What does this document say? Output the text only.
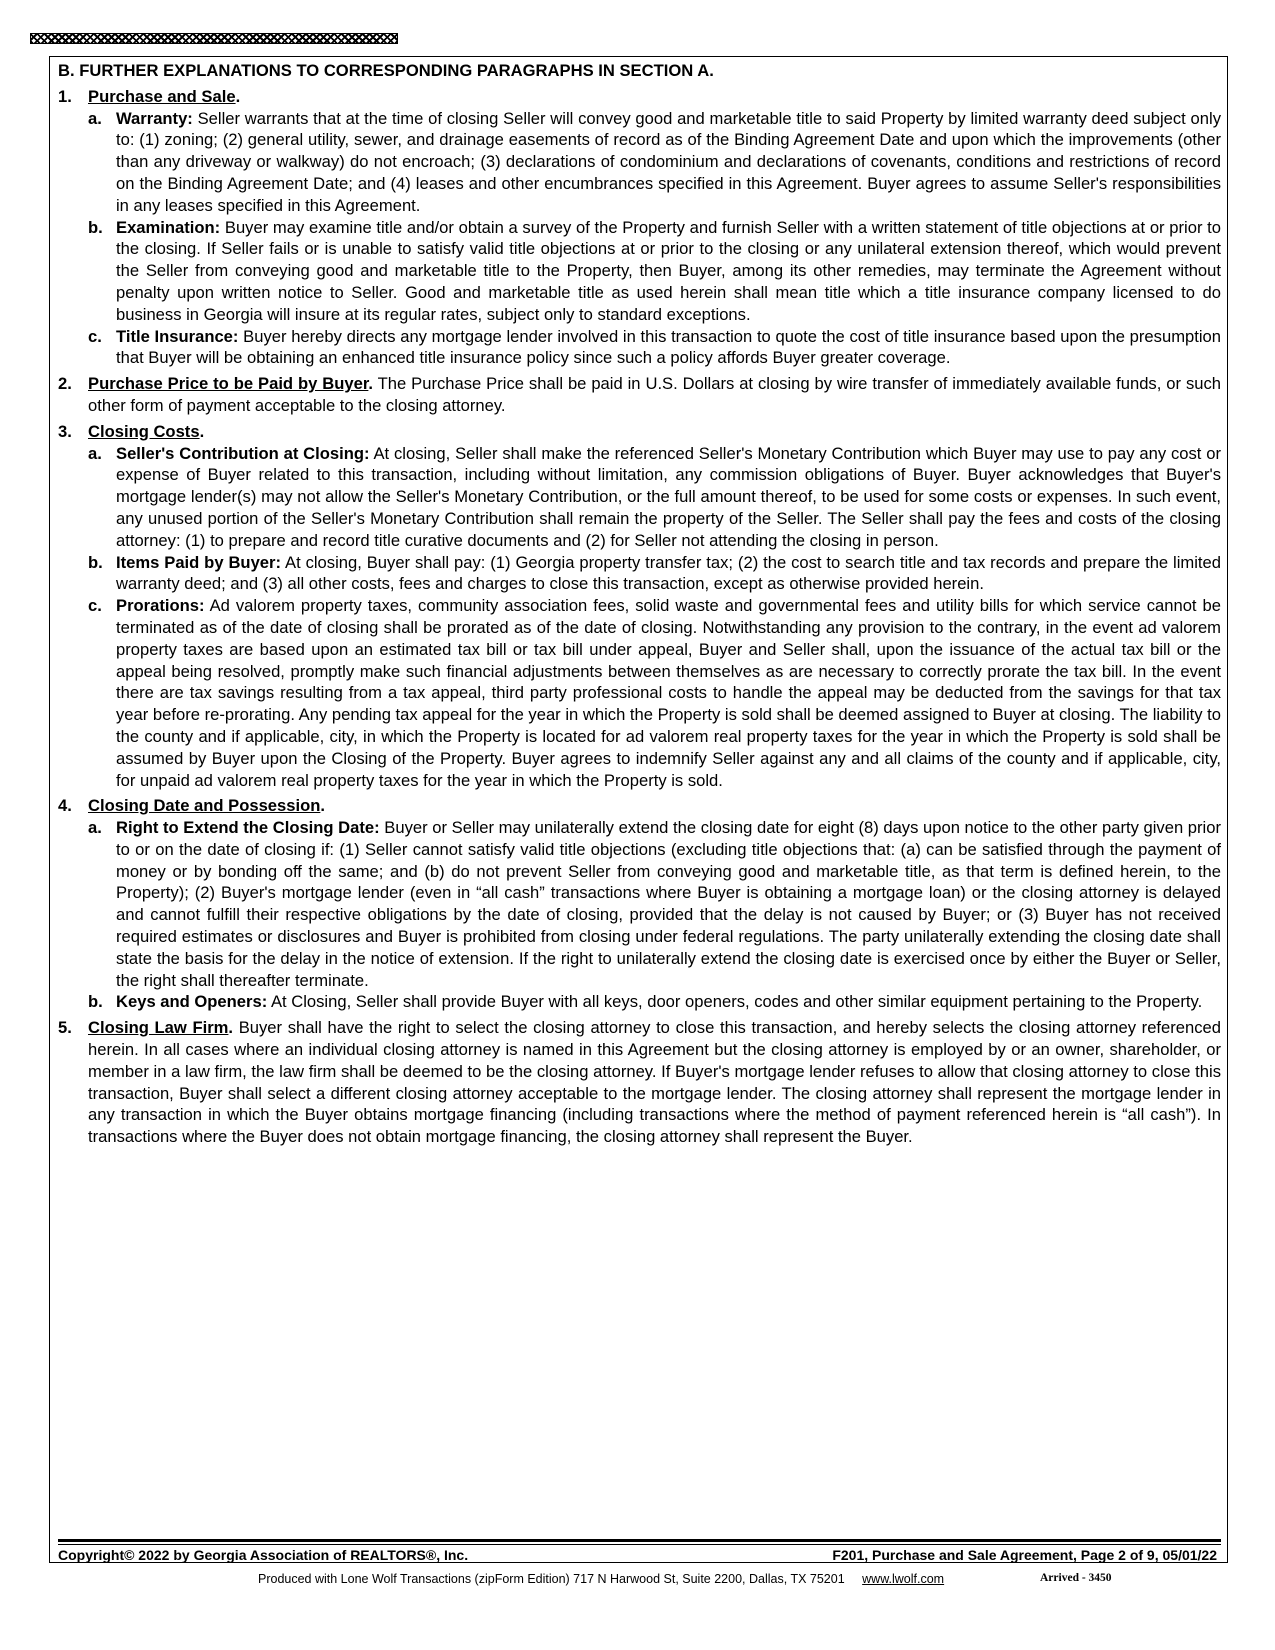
B. FURTHER EXPLANATIONS TO CORRESPONDING PARAGRAPHS IN SECTION A.
1. Purchase and Sale.
a. Warranty: Seller warrants that at the time of closing Seller will convey good and marketable title to said Property by limited warranty deed subject only to: (1) zoning; (2) general utility, sewer, and drainage easements of record as of the Binding Agreement Date and upon which the improvements (other than any driveway or walkway) do not encroach; (3) declarations of condominium and declarations of covenants, conditions and restrictions of record on the Binding Agreement Date; and (4) leases and other encumbrances specified in this Agreement. Buyer agrees to assume Seller's responsibilities in any leases specified in this Agreement.
b. Examination: Buyer may examine title and/or obtain a survey of the Property and furnish Seller with a written statement of title objections at or prior to the closing. If Seller fails or is unable to satisfy valid title objections at or prior to the closing or any unilateral extension thereof, which would prevent the Seller from conveying good and marketable title to the Property, then Buyer, among its other remedies, may terminate the Agreement without penalty upon written notice to Seller. Good and marketable title as used herein shall mean title which a title insurance company licensed to do business in Georgia will insure at its regular rates, subject only to standard exceptions.
c. Title Insurance: Buyer hereby directs any mortgage lender involved in this transaction to quote the cost of title insurance based upon the presumption that Buyer will be obtaining an enhanced title insurance policy since such a policy affords Buyer greater coverage.
2. Purchase Price to be Paid by Buyer. The Purchase Price shall be paid in U.S. Dollars at closing by wire transfer of immediately available funds, or such other form of payment acceptable to the closing attorney.
3. Closing Costs.
a. Seller's Contribution at Closing: At closing, Seller shall make the referenced Seller's Monetary Contribution which Buyer may use to pay any cost or expense of Buyer related to this transaction, including without limitation, any commission obligations of Buyer. Buyer acknowledges that Buyer's mortgage lender(s) may not allow the Seller's Monetary Contribution, or the full amount thereof, to be used for some costs or expenses. In such event, any unused portion of the Seller's Monetary Contribution shall remain the property of the Seller. The Seller shall pay the fees and costs of the closing attorney: (1) to prepare and record title curative documents and (2) for Seller not attending the closing in person.
b. Items Paid by Buyer: At closing, Buyer shall pay: (1) Georgia property transfer tax; (2) the cost to search title and tax records and prepare the limited warranty deed; and (3) all other costs, fees and charges to close this transaction, except as otherwise provided herein.
c. Prorations: Ad valorem property taxes, community association fees, solid waste and governmental fees and utility bills for which service cannot be terminated as of the date of closing shall be prorated as of the date of closing. Notwithstanding any provision to the contrary, in the event ad valorem property taxes are based upon an estimated tax bill or tax bill under appeal, Buyer and Seller shall, upon the issuance of the actual tax bill or the appeal being resolved, promptly make such financial adjustments between themselves as are necessary to correctly prorate the tax bill. In the event there are tax savings resulting from a tax appeal, third party professional costs to handle the appeal may be deducted from the savings for that tax year before re-prorating. Any pending tax appeal for the year in which the Property is sold shall be deemed assigned to Buyer at closing. The liability to the county and if applicable, city, in which the Property is located for ad valorem real property taxes for the year in which the Property is sold shall be assumed by Buyer upon the Closing of the Property. Buyer agrees to indemnify Seller against any and all claims of the county and if applicable, city, for unpaid ad valorem real property taxes for the year in which the Property is sold.
4. Closing Date and Possession.
a. Right to Extend the Closing Date: Buyer or Seller may unilaterally extend the closing date for eight (8) days upon notice to the other party given prior to or on the date of closing if: (1) Seller cannot satisfy valid title objections (excluding title objections that: (a) can be satisfied through the payment of money or by bonding off the same; and (b) do not prevent Seller from conveying good and marketable title, as that term is defined herein, to the Property); (2) Buyer's mortgage lender (even in “all cash” transactions where Buyer is obtaining a mortgage loan) or the closing attorney is delayed and cannot fulfill their respective obligations by the date of closing, provided that the delay is not caused by Buyer; or (3) Buyer has not received required estimates or disclosures and Buyer is prohibited from closing under federal regulations. The party unilaterally extending the closing date shall state the basis for the delay in the notice of extension. If the right to unilaterally extend the closing date is exercised once by either the Buyer or Seller, the right shall thereafter terminate.
b. Keys and Openers: At Closing, Seller shall provide Buyer with all keys, door openers, codes and other similar equipment pertaining to the Property.
5. Closing Law Firm. Buyer shall have the right to select the closing attorney to close this transaction, and hereby selects the closing attorney referenced herein. In all cases where an individual closing attorney is named in this Agreement but the closing attorney is employed by or an owner, shareholder, or member in a law firm, the law firm shall be deemed to be the closing attorney. If Buyer's mortgage lender refuses to allow that closing attorney to close this transaction, Buyer shall select a different closing attorney acceptable to the mortgage lender. The closing attorney shall represent the mortgage lender in any transaction in which the Buyer obtains mortgage financing (including transactions where the method of payment referenced herein is “all cash”). In transactions where the Buyer does not obtain mortgage financing, the closing attorney shall represent the Buyer.
Copyright© 2022 by Georgia Association of REALTORS®, Inc.	F201, Purchase and Sale Agreement, Page 2 of 9, 05/01/22
Produced with Lone Wolf Transactions (zipForm Edition) 717 N Harwood St, Suite 2200, Dallas, TX 75201 www.lwolf.com	Arrived - 3450
